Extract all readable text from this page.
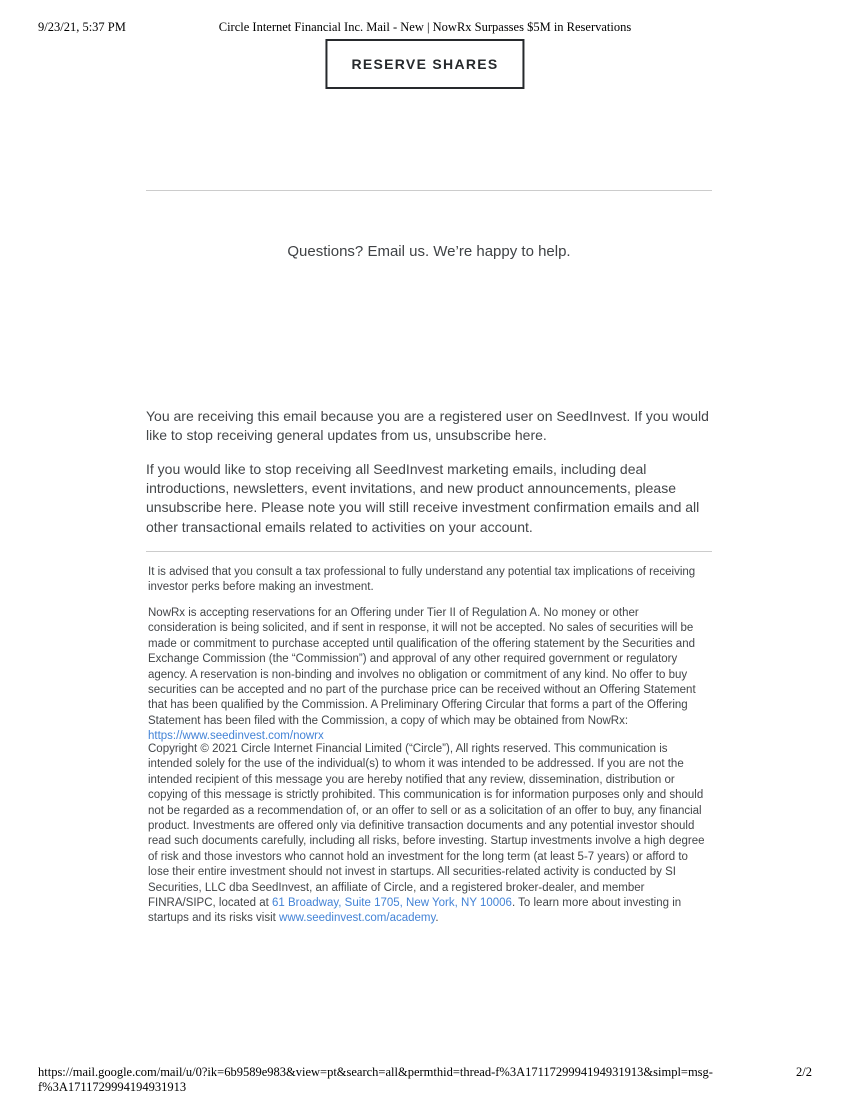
9/23/21, 5:37 PM	Circle Internet Financial Inc. Mail - New | NowRx Surpasses $5M in Reservations
RESERVE SHARES
Questions? Email us. We’re happy to help.

You are receiving this email because you are a registered user on SeedInvest. If you would like to stop receiving general updates from us, unsubscribe here.

If you would like to stop receiving all SeedInvest marketing emails, including deal introductions, newsletters, event invitations, and new product announcements, please unsubscribe here. Please note you will still receive investment confirmation emails and all other transactional emails related to activities on your account.

It is advised that you consult a tax professional to fully understand any potential tax implications of receiving investor perks before making an investment.

NowRx is accepting reservations for an Offering under Tier II of Regulation A. No money or other consideration is being solicited, and if sent in response, it will not be accepted. No sales of securities will be made or commitment to purchase accepted until qualification of the offering statement by the Securities and Exchange Commission (the “Commission”) and approval of any other required government or regulatory agency. A reservation is non-binding and involves no obligation or commitment of any kind. No offer to buy securities can be accepted and no part of the purchase price can be received without an Offering Statement that has been qualified by the Commission. A Preliminary Offering Circular that forms a part of the Offering Statement has been filed with the Commission, a copy of which may be obtained from NowRx: https://www.seedinvest.com/nowrx

Copyright © 2021 Circle Internet Financial Limited (“Circle”), All rights reserved. This communication is intended solely for the use of the individual(s) to whom it was intended to be addressed. If you are not the intended recipient of this message you are hereby notified that any review, dissemination, distribution or copying of this message is strictly prohibited. This communication is for information purposes only and should not be regarded as a recommendation of, or an offer to sell or as a solicitation of an offer to buy, any financial product. Investments are offered only via definitive transaction documents and any potential investor should read such documents carefully, including all risks, before investing. Startup investments involve a high degree of risk and those investors who cannot hold an investment for the long term (at least 5-7 years) or afford to lose their entire investment should not invest in startups. All securities-related activity is conducted by SI Securities, LLC dba SeedInvest, an affiliate of Circle, and a registered broker-dealer, and member FINRA/SIPC, located at 61 Broadway, Suite 1705, New York, NY 10006. To learn more about investing in startups and its risks visit www.seedinvest.com/academy.

https://mail.google.com/mail/u/0?ik=6b9589e983&view=pt&search=all&permthid=thread-f%3A1711729994194931913&simpl=msg-f%3A1711729994194931913
2/2
